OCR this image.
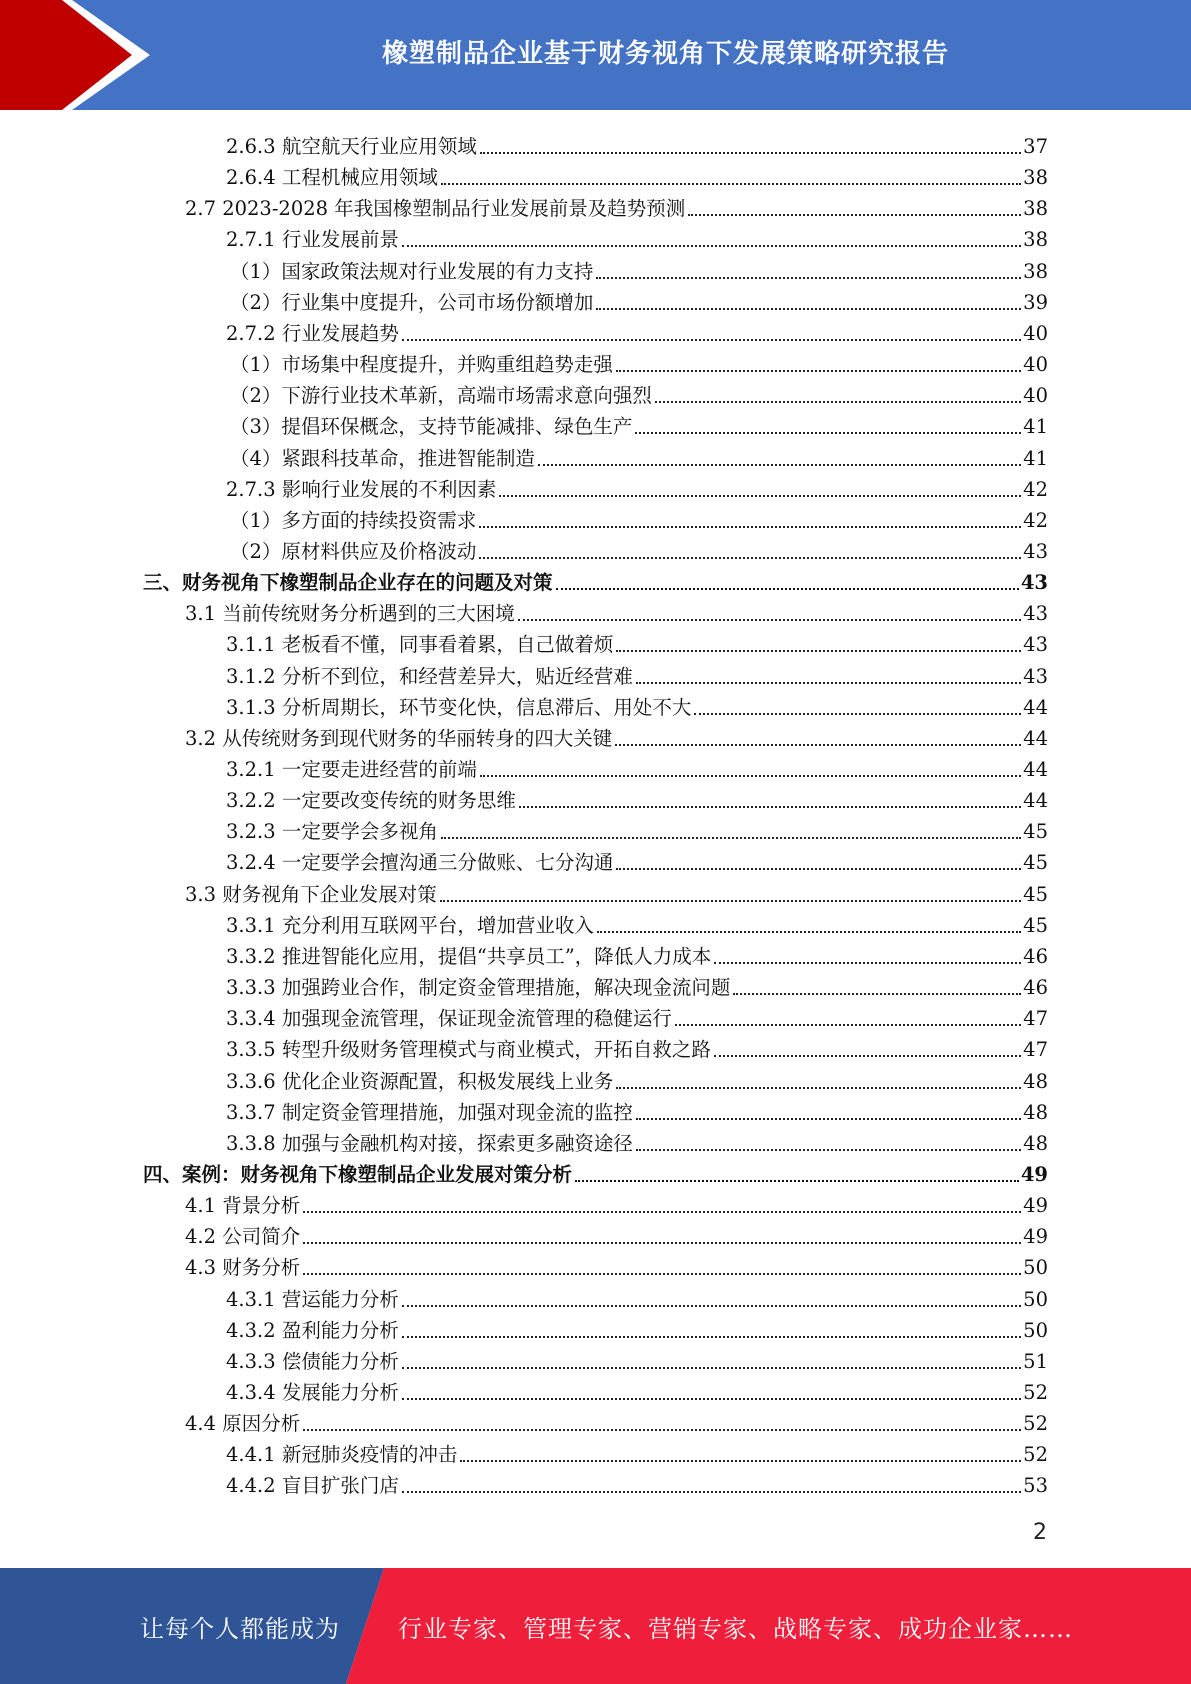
橡塑制品企业基于财务视角下发展策略研究报告
2.6.3 航空航天行业应用领域	37
2.6.4 工程机械应用领域	38
2.7 2023-2028 年我国橡塑制品行业发展前景及趋势预测	38
2.7.1 行业发展前景	38
（1）国家政策法规对行业发展的有力支持	38
（2）行业集中度提升，公司市场份额增加	39
2.7.2 行业发展趋势	40
（1）市场集中程度提升，并购重组趋势走强	40
（2）下游行业技术革新，高端市场需求意向强烈	40
（3）提倡环保概念，支持节能减排、绿色生产	41
（4）紧跟科技革命，推进智能制造	41
2.7.3 影响行业发展的不利因素	42
（1）多方面的持续投资需求	42
（2）原材料供应及价格波动	43
三、财务视角下橡塑制品企业存在的问题及对策	43
3.1 当前传统财务分析遇到的三大困境	43
3.1.1 老板看不懂，同事看着累，自己做着烦	43
3.1.2 分析不到位，和经营差异大，贴近经营难	43
3.1.3 分析周期长，环节变化快，信息滞后、用处不大	44
3.2 从传统财务到现代财务的华丽转身的四大关键	44
3.2.1 一定要走进经营的前端	44
3.2.2 一定要改变传统的财务思维	44
3.2.3 一定要学会多视角	45
3.2.4 一定要学会擅沟通三分做账、七分沟通	45
3.3 财务视角下企业发展对策	45
3.3.1 充分利用互联网平台，增加营业收入	45
3.3.2 推进智能化应用，提倡“共享员工”，降低人力成本	46
3.3.3 加强跨业合作，制定资金管理措施，解决现金流问题	46
3.3.4 加强现金流管理，保证现金流管理的稳健运行	47
3.3.5 转型升级财务管理模式与商业模式，开拓自救之路	47
3.3.6 优化企业资源配置，积极发展线上业务	48
3.3.7 制定资金管理措施，加强对现金流的监控	48
3.3.8 加强与金融机构对接，探索更多融资途径	48
四、案例：财务视角下橡塑制品企业发展对策分析	49
4.1 背景分析	49
4.2 公司简介	49
4.3 财务分析	50
4.3.1 营运能力分析	50
4.3.2 盈利能力分析	50
4.3.3 偿债能力分析	51
4.3.4 发展能力分析	52
4.4 原因分析	52
4.4.1 新冠肺炎疫情的冲击	52
4.4.2 盲目扩张门店	53
2
让每个人都能成为 行业专家、管理专家、营销专家、战略专家、成功企业家……
